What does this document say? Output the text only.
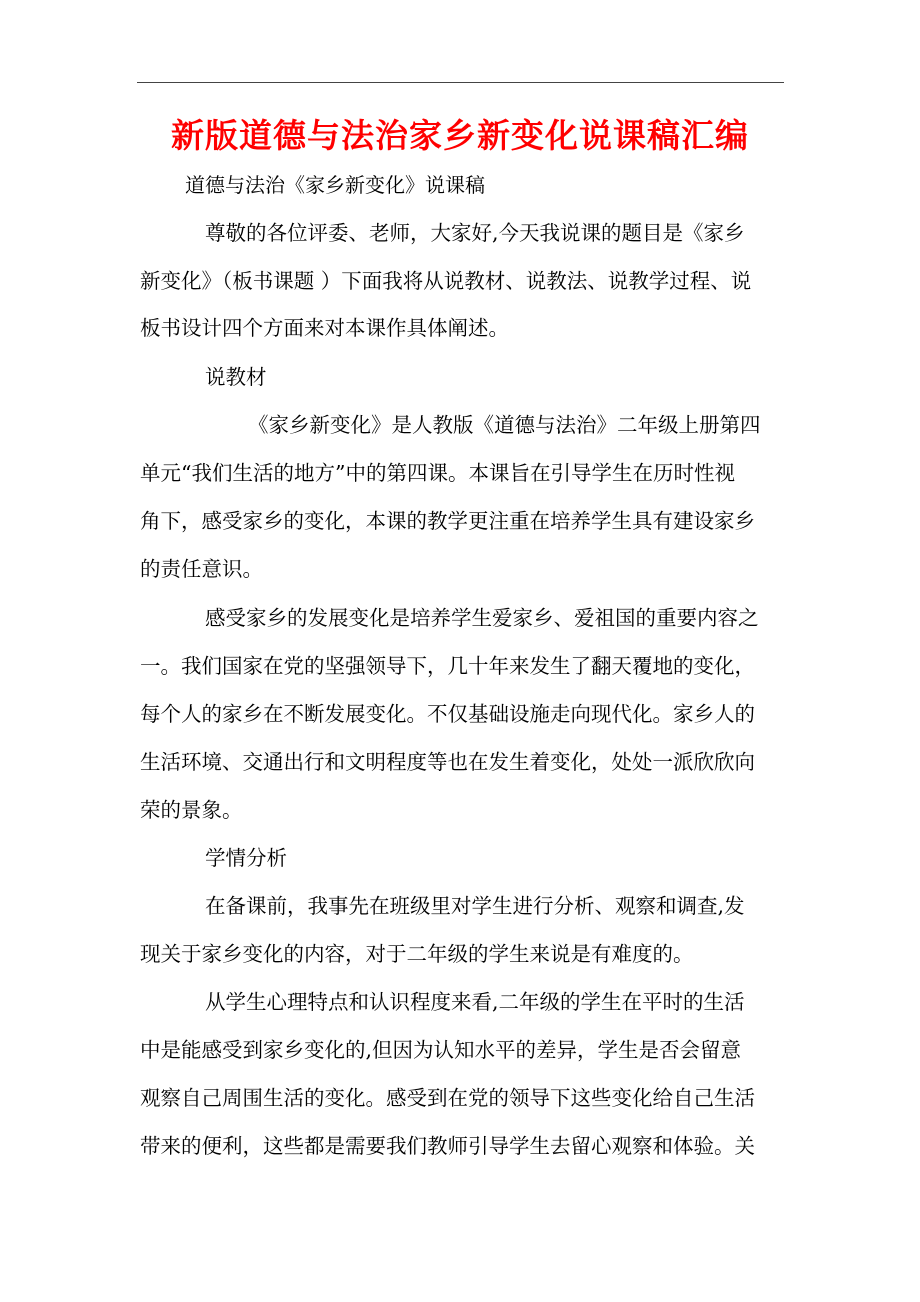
新版道德与法治家乡新变化说课稿汇编
道德与法治《家乡新变化》说课稿
尊敬的各位评委、老师，大家好,今天我说课的题目是《家乡
新变化》（板书课题 ）下面我将从说教材、说教法、说教学过程、说
板书设计四个方面来对本课作具体阐述。
说教材
《家乡新变化》是人教版《道德与法治》二年级上册第四
单元“我们生活的地方”中的第四课。本课旨在引导学生在历时性视
角下，感受家乡的变化，本课的教学更注重在培养学生具有建设家乡
的责任意识。
感受家乡的发展变化是培养学生爱家乡、爱祖国的重要内容之
一。我们国家在党的坚强领导下，几十年来发生了翻天覆地的变化，
每个人的家乡在不断发展变化。不仅基础设施走向现代化。家乡人的
生活环境、交通出行和文明程度等也在发生着变化，处处一派欣欣向
荣的景象。
学情分析
在备课前，我事先在班级里对学生进行分析、观察和调查,发
现关于家乡变化的内容，对于二年级的学生来说是有难度的。
从学生心理特点和认识程度来看,二年级的学生在平时的生活
中是能感受到家乡变化的,但因为认知水平的差异，学生是否会留意
观察自己周围生活的变化。感受到在党的领导下这些变化给自己生活
带来的便利，这些都是需要我们教师引导学生去留心观察和体验。关
